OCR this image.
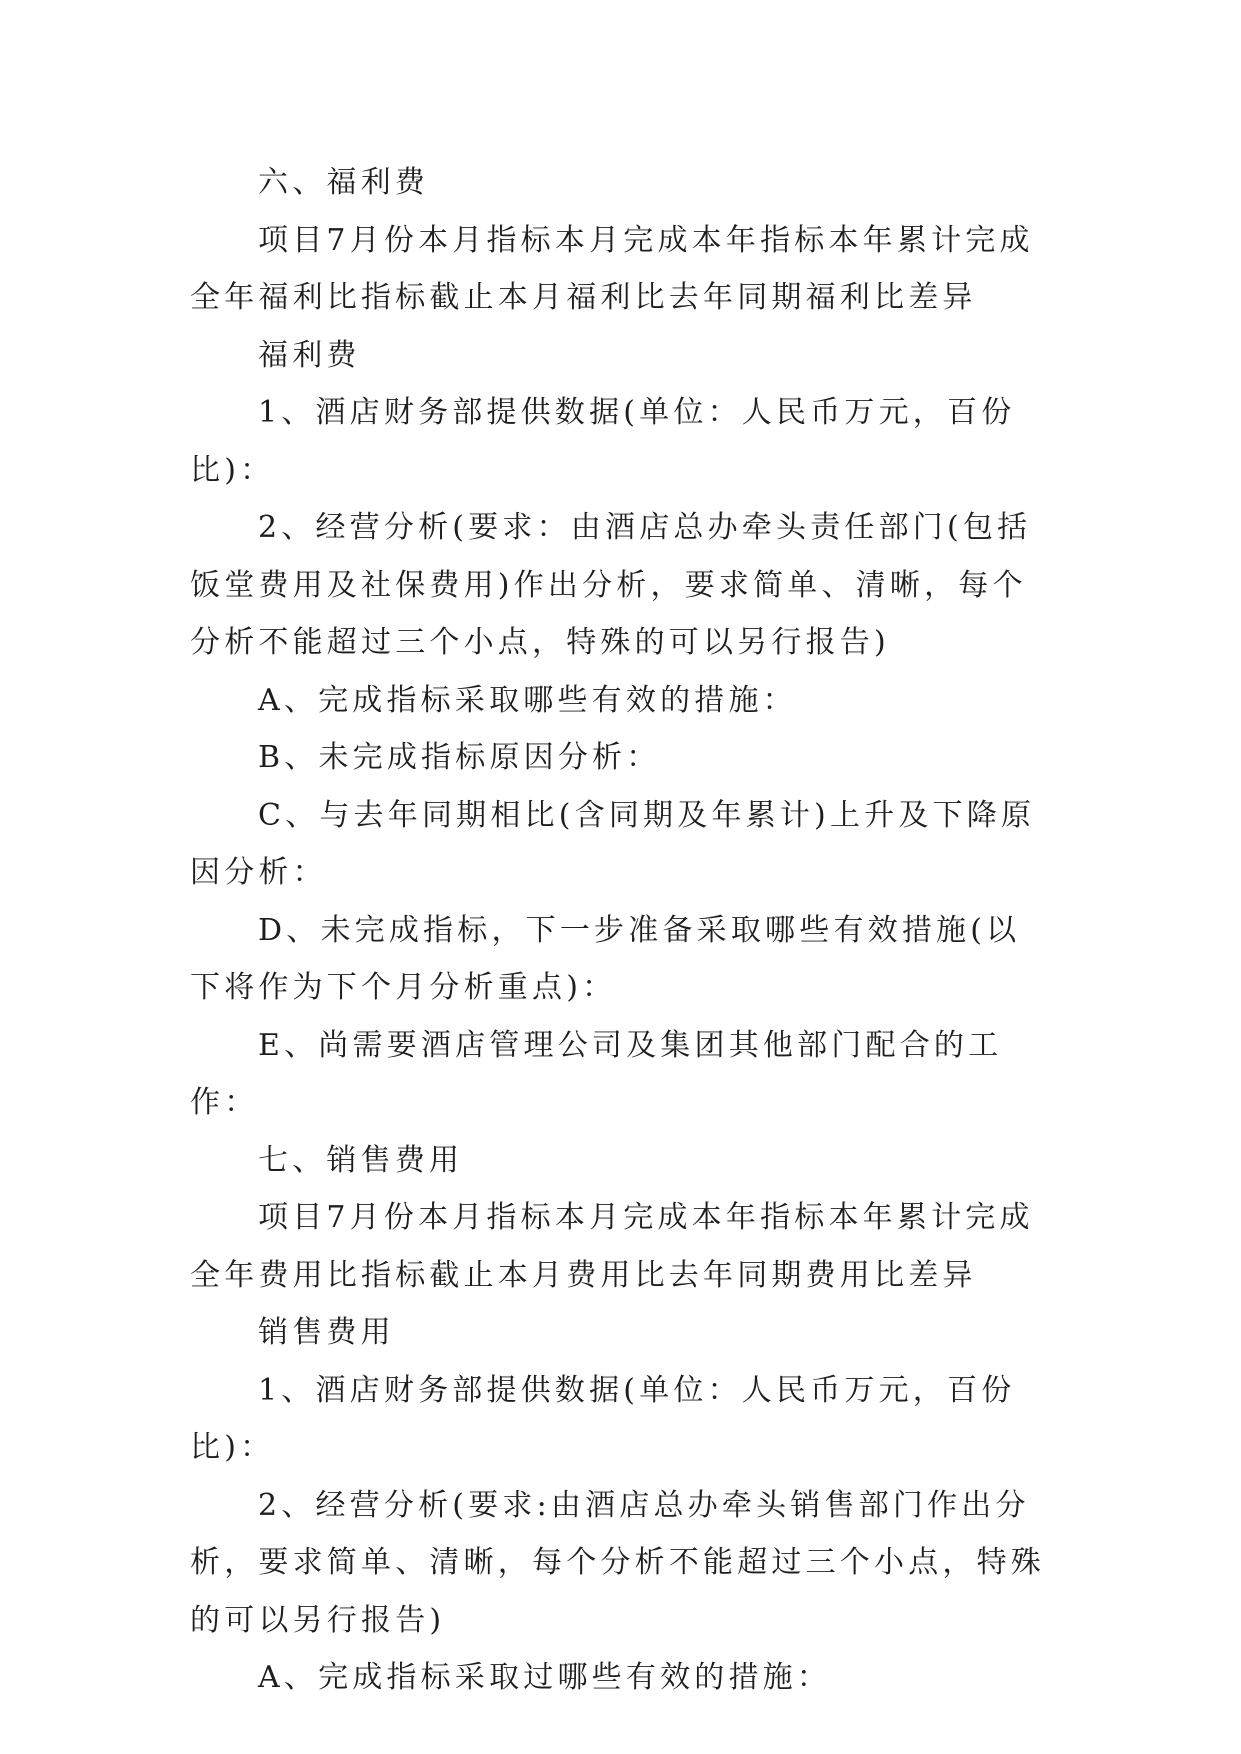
六、福利费

项目7月份本月指标本月完成本年指标本年累计完成全年福利比指标截止本月福利比去年同期福利比差异

福利费

1、酒店财务部提供数据(单位：人民币万元，百份比)：

2、经营分析(要求：由酒店总办牵头责任部门(包括饭堂费用及社保费用)作出分析，要求简单、清晰，每个分析不能超过三个小点，特殊的可以另行报告)

A、完成指标采取哪些有效的措施：

B、未完成指标原因分析：

C、与去年同期相比(含同期及年累计)上升及下降原因分析：

D、未完成指标，下一步准备采取哪些有效措施(以下将作为下个月分析重点)：

E、尚需要酒店管理公司及集团其他部门配合的工作：

七、销售费用

项目7月份本月指标本月完成本年指标本年累计完成全年费用比指标截止本月费用比去年同期费用比差异

销售费用

1、酒店财务部提供数据(单位：人民币万元，百份比)：

2、经营分析(要求:由酒店总办牵头销售部门作出分析，要求简单、清晰，每个分析不能超过三个小点，特殊的可以另行报告)

A、完成指标采取过哪些有效的措施：
